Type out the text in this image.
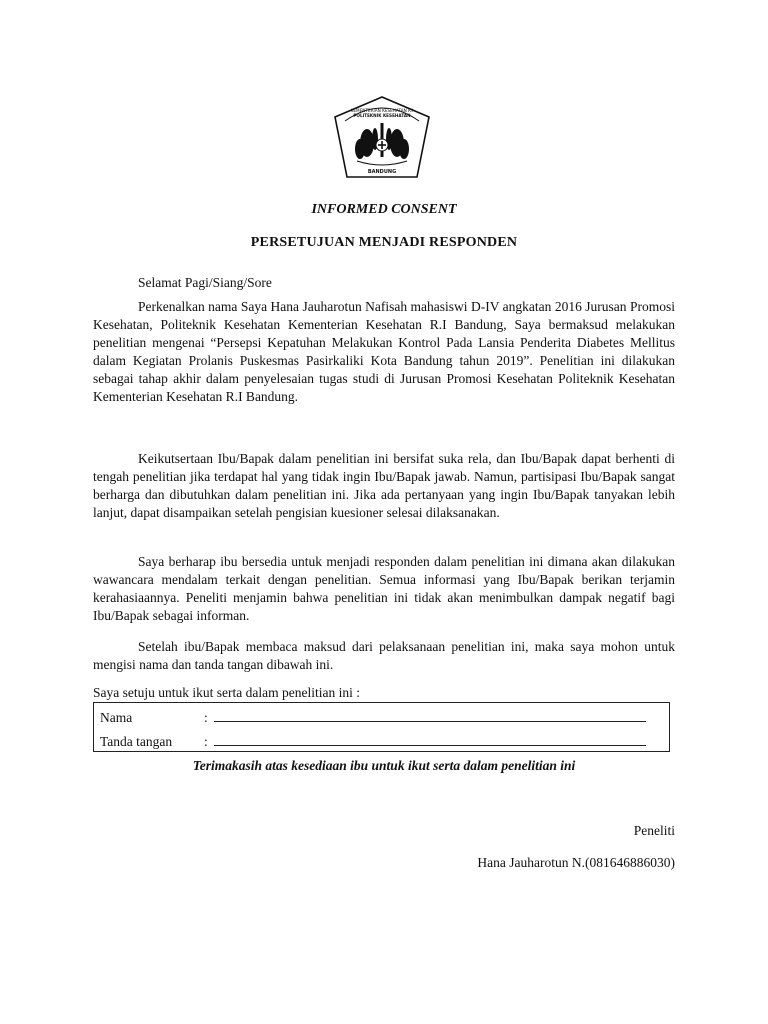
KEMENTERIAN KESEHATAN R.I
POLITEKNIK KESEHATAN
BANDUNG
INFORMED CONSENT
PERSETUJUAN MENJADI RESPONDEN
Selamat Pagi/Siang/Sore

Perkenalkan nama Saya Hana Jauharotun Nafisah mahasiswi D-IV angkatan 2016 Jurusan Promosi Kesehatan, Politeknik Kesehatan Kementerian Kesehatan R.I Bandung, Saya bermaksud melakukan penelitian mengenai “Persepsi Kepatuhan Melakukan Kontrol Pada Lansia Penderita Diabetes Mellitus dalam Kegiatan Prolanis Puskesmas Pasirkaliki Kota Bandung tahun 2019”. Penelitian ini dilakukan sebagai tahap akhir dalam penyelesaian tugas studi di Jurusan Promosi Kesehatan Politeknik Kesehatan Kementerian Kesehatan R.I Bandung.

Keikutsertaan Ibu/Bapak dalam penelitian ini bersifat suka rela, dan Ibu/Bapak dapat berhenti di tengah penelitian jika terdapat hal yang tidak ingin Ibu/Bapak jawab. Namun, partisipasi Ibu/Bapak sangat berharga dan dibutuhkan dalam penelitian ini. Jika ada pertanyaan yang ingin Ibu/Bapak tanyakan lebih lanjut, dapat disampaikan setelah pengisian kuesioner selesai dilaksanakan.

Saya berharap ibu bersedia untuk menjadi responden dalam penelitian ini dimana akan dilakukan wawancara mendalam terkait dengan penelitian. Semua informasi yang Ibu/Bapak berikan terjamin kerahasiaannya. Peneliti menjamin bahwa penelitian ini tidak akan menimbulkan dampak negatif bagi Ibu/Bapak sebagai informan.

Setelah ibu/Bapak membaca maksud dari pelaksanaan penelitian ini, maka saya mohon untuk mengisi nama dan tanda tangan dibawah ini.

Saya setuju untuk ikut serta dalam penelitian ini :
Nama	:
Tanda tangan :
Terimakasih atas kesediaan ibu untuk ikut serta dalam penelitian ini
Peneliti
Hana Jauharotun N.(081646886030)
